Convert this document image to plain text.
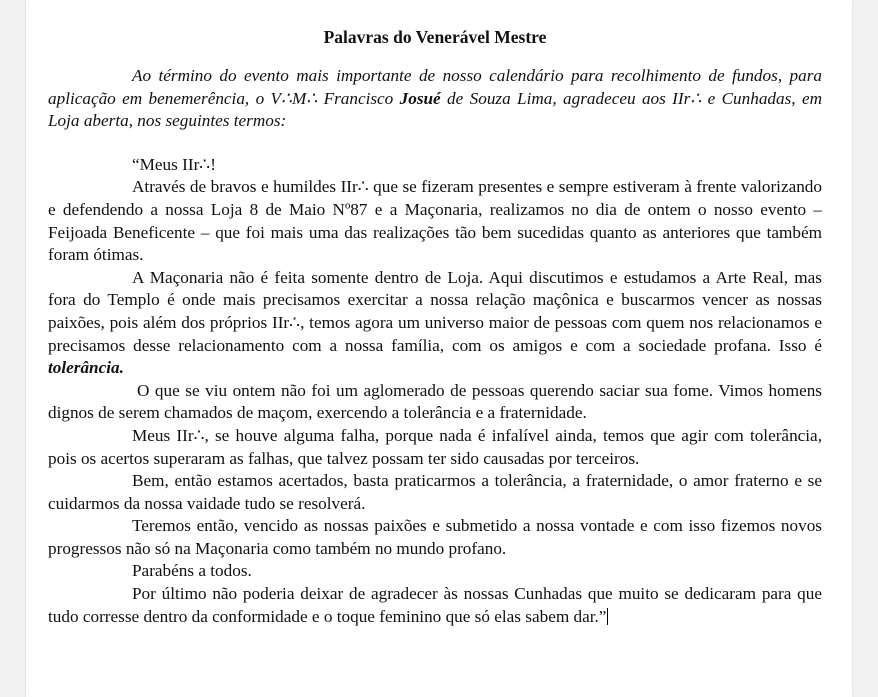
Palavras do Venerável Mestre

Ao término do evento mais importante de nosso calendário para recolhimento de fundos, para aplicação em benemerência, o V∴M∴ Francisco Josué de Souza Lima, agradeceu aos IIr∴ e Cunhadas, em Loja aberta, nos seguintes termos:

“Meus IIr∴!

Através de bravos e humildes IIr∴ que se fizeram presentes e sempre estiveram à frente valorizando e defendendo a nossa Loja 8 de Maio Nº87 e a Maçonaria, realizamos no dia de ontem o nosso evento – Feijoada Beneficente – que foi mais uma das realizações tão bem sucedidas quanto as anteriores que também foram ótimas.

A Maçonaria não é feita somente dentro de Loja. Aqui discutimos e estudamos a Arte Real, mas fora do Templo é onde mais precisamos exercitar a nossa relação maçônica e buscarmos vencer as nossas paixões, pois além dos próprios IIr∴, temos agora um universo maior de pessoas com quem nos relacionamos e precisamos desse relacionamento com a nossa família, com os amigos e com a sociedade profana. Isso é tolerância.

O que se viu ontem não foi um aglomerado de pessoas querendo saciar sua fome. Vimos homens dignos de serem chamados de maçom, exercendo a tolerância e a fraternidade.

Meus IIr∴, se houve alguma falha, porque nada é infalível ainda, temos que agir com tolerância, pois os acertos superaram as falhas, que talvez possam ter sido causadas por terceiros.

Bem, então estamos acertados, basta praticarmos a tolerância, a fraternidade, o amor fraterno e se cuidarmos da nossa vaidade tudo se resolverá.

Teremos então, vencido as nossas paixões e submetido a nossa vontade e com isso fizemos novos progressos não só na Maçonaria como também no mundo profano.

Parabéns a todos.

Por último não poderia deixar de agradecer às nossas Cunhadas que muito se dedicaram para que tudo corresse dentro da conformidade e o toque feminino que só elas sabem dar.”
